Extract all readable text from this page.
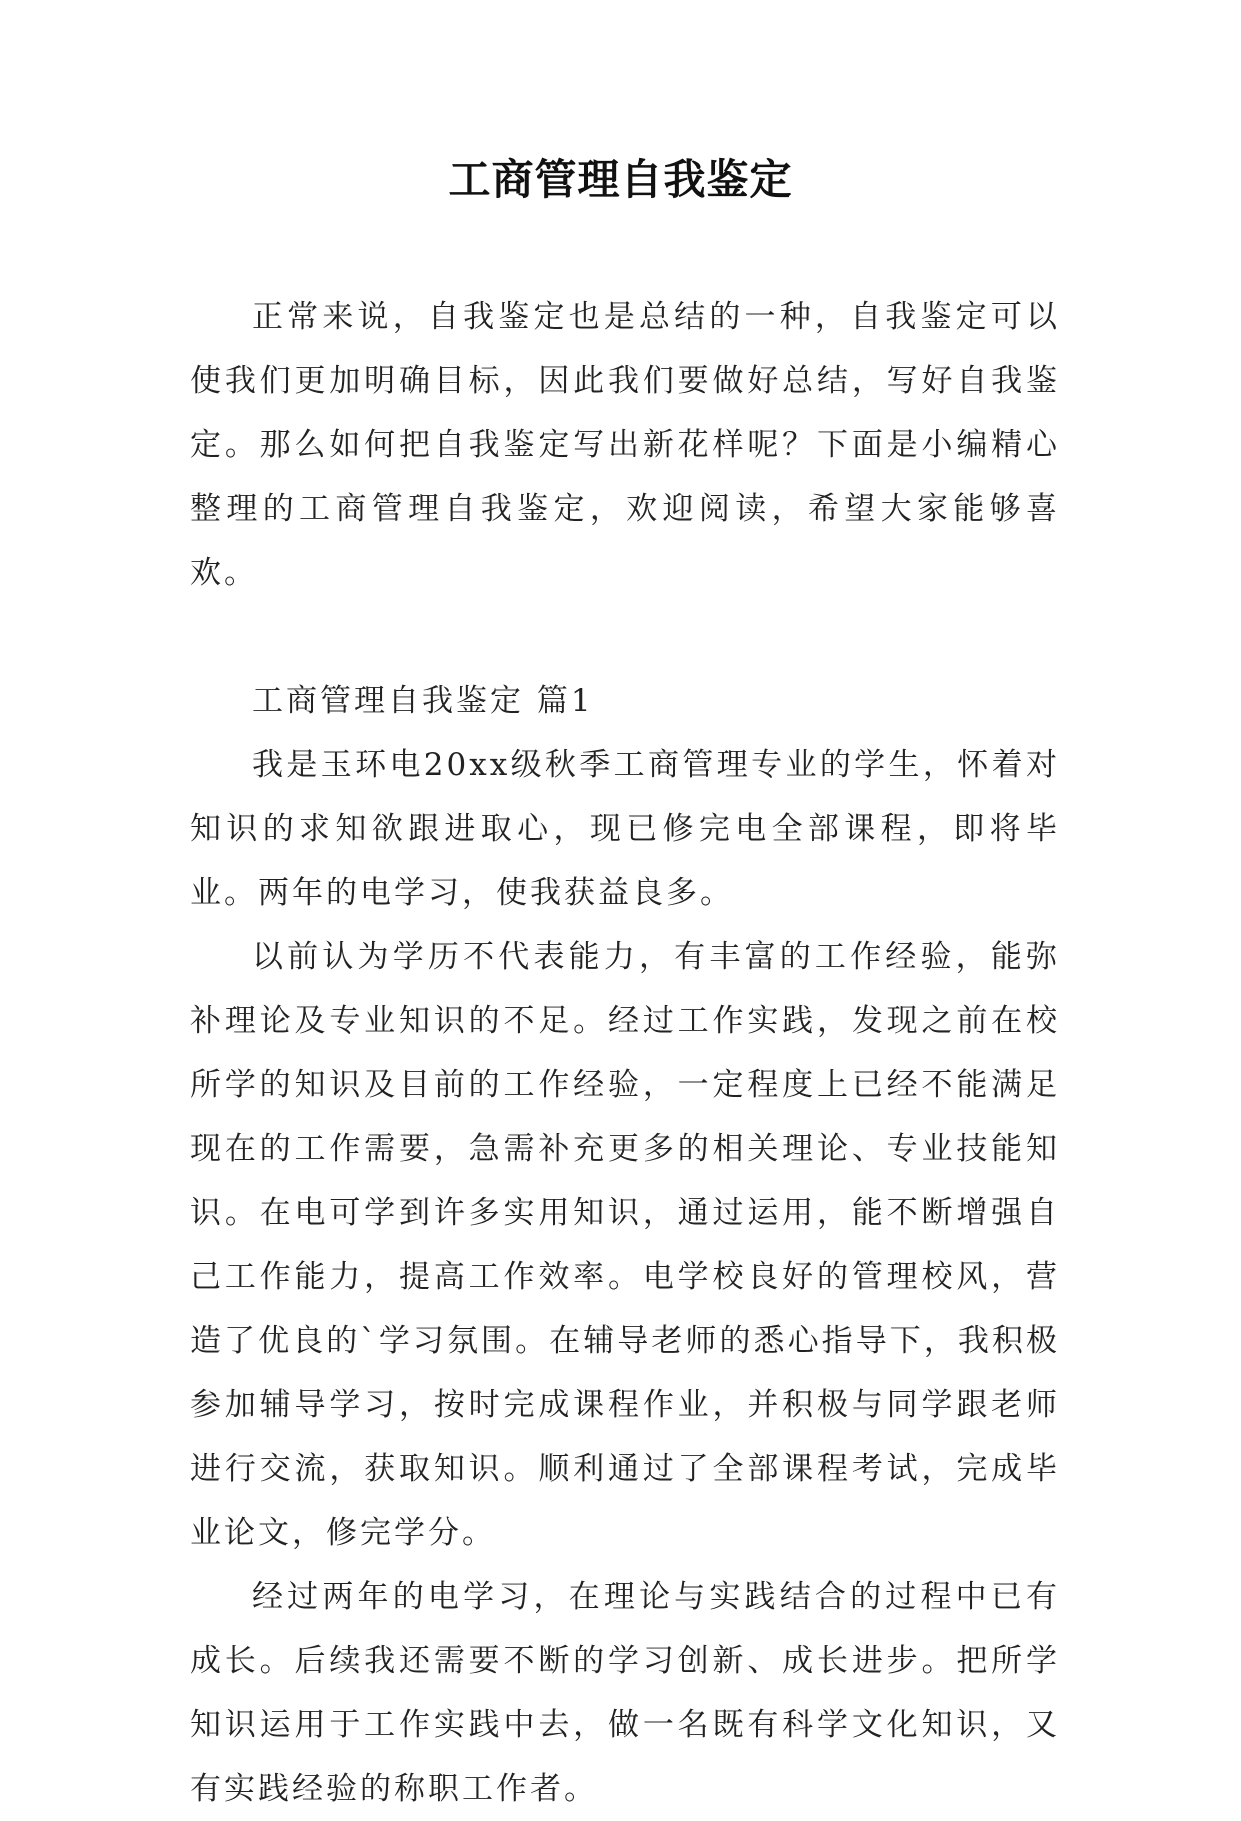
工商管理自我鉴定

正常来说，自我鉴定也是总结的一种，自我鉴定可以使我们更加明确目标，因此我们要做好总结，写好自我鉴定。那么如何把自我鉴定写出新花样呢？下面是小编精心整理的工商管理自我鉴定，欢迎阅读，希望大家能够喜欢。

工商管理自我鉴定 篇1

我是玉环电20xx级秋季工商管理专业的学生，怀着对知识的求知欲跟进取心，现已修完电全部课程，即将毕业。两年的电学习，使我获益良多。

以前认为学历不代表能力，有丰富的工作经验，能弥补理论及专业知识的不足。经过工作实践，发现之前在校所学的知识及目前的工作经验，一定程度上已经不能满足现在的工作需要，急需补充更多的相关理论、专业技能知识。在电可学到许多实用知识，通过运用，能不断增强自己工作能力，提高工作效率。电学校良好的管理校风，营造了优良的`学习氛围。在辅导老师的悉心指导下，我积极参加辅导学习，按时完成课程作业，并积极与同学跟老师进行交流，获取知识。顺利通过了全部课程考试，完成毕业论文，修完学分。

经过两年的电学习，在理论与实践结合的过程中已有成长。后续我还需要不断的学习创新、成长进步。把所学知识运用于工作实践中去，做一名既有科学文化知识，又有实践经验的称职工作者。
